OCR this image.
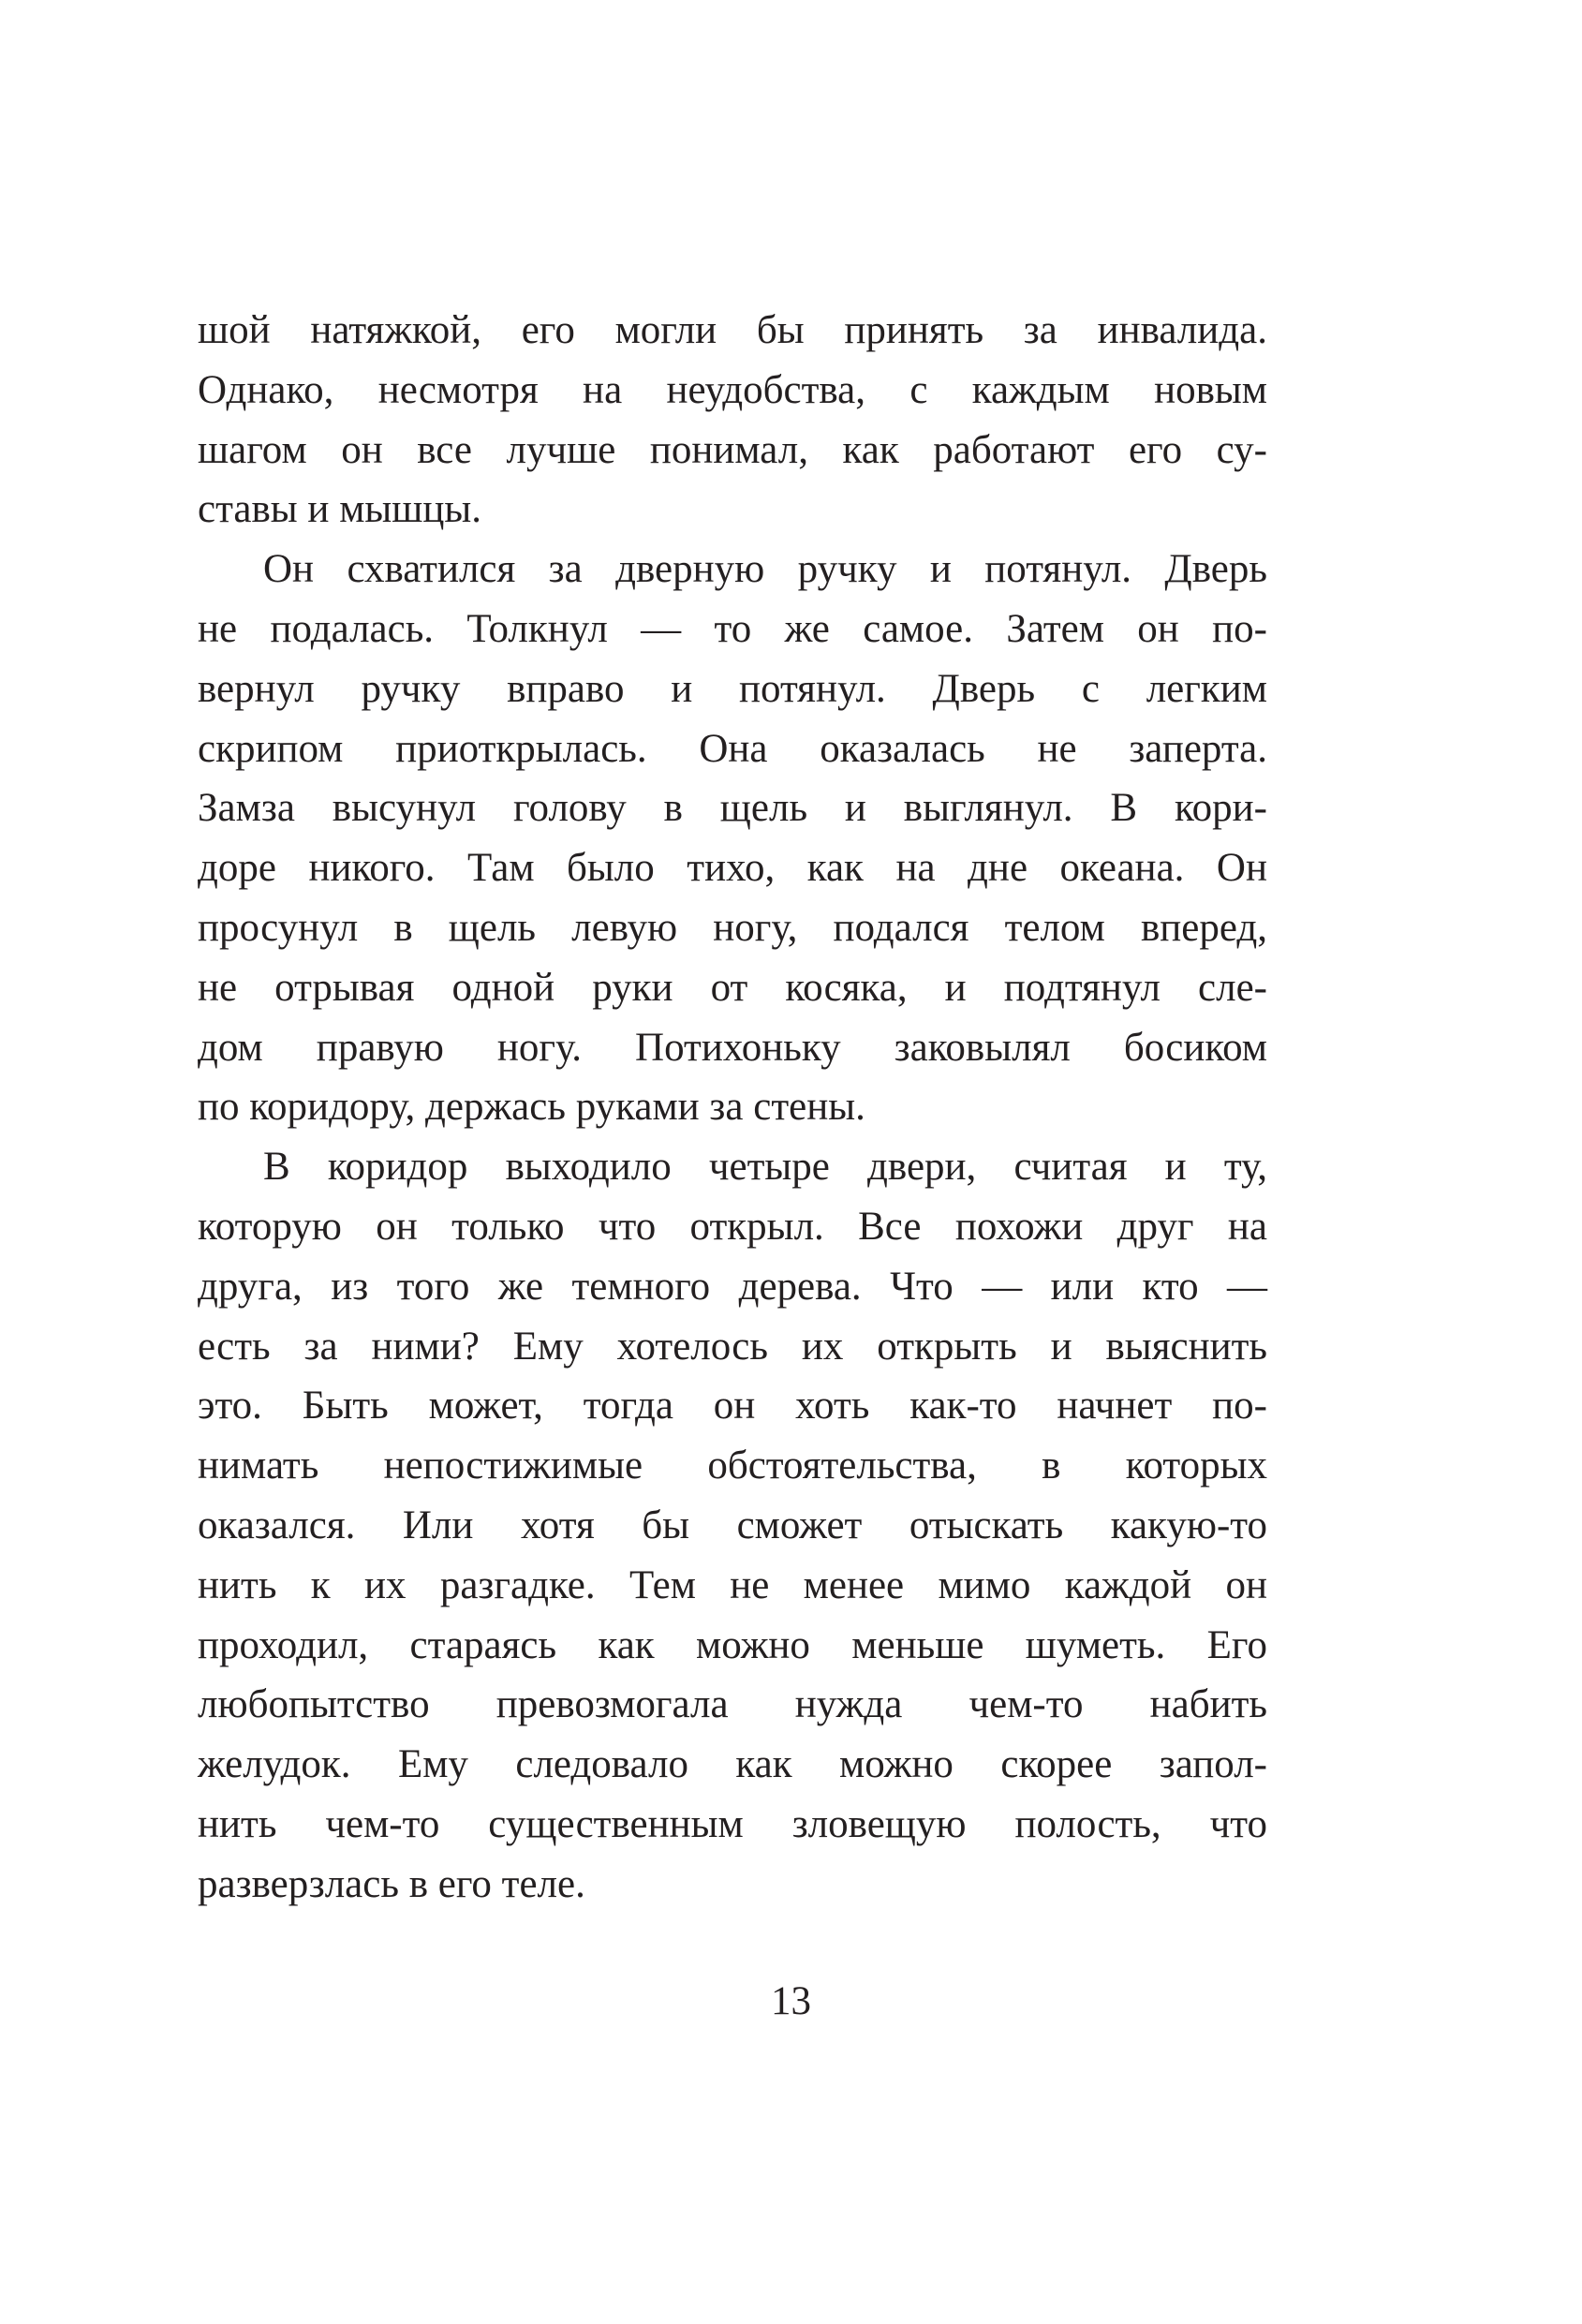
шой натяжкой, его могли бы принять за инвалида.
Однако, несмотря на неудобства, с каждым новым
шагом он все лучше понимал, как работают его су-
ставы и мышцы.
Он схватился за дверную ручку и потянул. Дверь
не подалась. Толкнул — то же самое. Затем он по-
вернул ручку вправо и потянул. Дверь с легким
скрипом приоткрылась. Она оказалась не заперта.
Замза высунул голову в щель и выглянул. В кори-
доре никого. Там было тихо, как на дне океана. Он
просунул в щель левую ногу, подался телом вперед,
не отрывая одной руки от косяка, и подтянул сле-
дом правую ногу. Потихоньку заковылял босиком
по коридору, держась руками за стены.
В коридор выходило четыре двери, считая и ту,
которую он только что открыл. Все похожи друг на
друга, из того же темного дерева. Что — или кто —
есть за ними? Ему хотелось их открыть и выяснить
это. Быть может, тогда он хоть как-то начнет по-
нимать непостижимые обстоятельства, в которых
оказался. Или хотя бы сможет отыскать какую-то
нить к их разгадке. Тем не менее мимо каждой он
проходил, стараясь как можно меньше шуметь. Его
любопытство превозмогала нужда чем-то набить
желудок. Ему следовало как можно скорее запол-
нить чем-то существенным зловещую полость, что
разверзлась в его теле.
13
